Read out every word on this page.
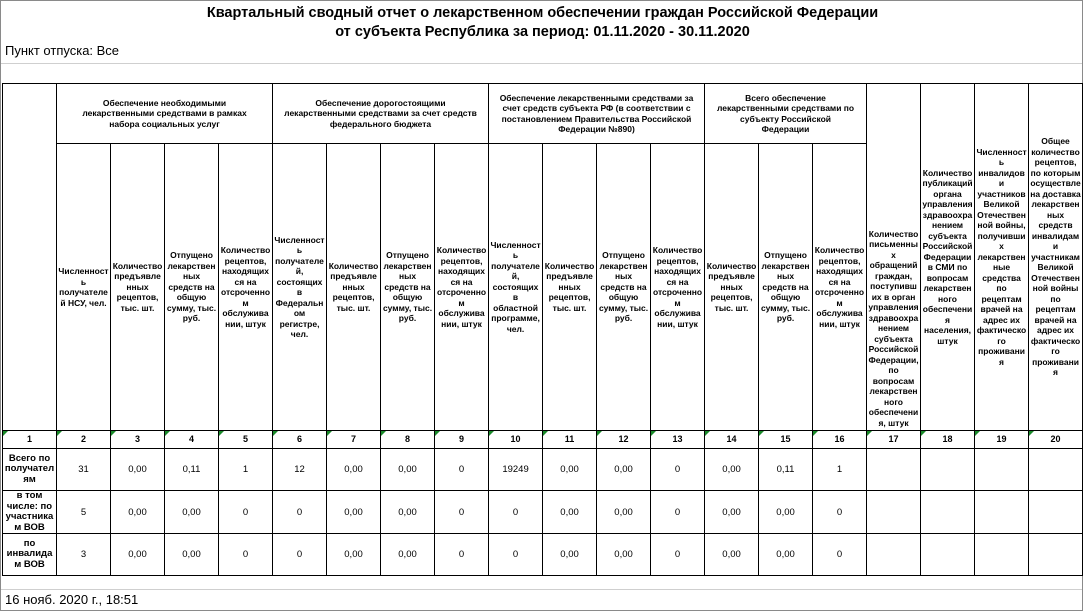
Квартальный сводный отчет о лекарственном обеспечении граждан Российской Федерации
от субъекта Республика за период: 01.11.2020 - 30.11.2020
Пункт отпуска: Все
	Обеспечение необходимыми лекарственными средствами в рамках набора социальных услуг				Обеспечение дорогостоящими лекарственными средствами за счет средств федерального бюджета				Обеспечение лекарственными средствами за счет средств субъекта РФ (в соответствии с постановлением Правительства Российской Федерации №890)				Всего обеспечение лекарственными средствами по субъекту Российской Федерации			Количество письменных обращений граждан, поступивших в орган управления здравоохранением субъекта Российской Федерации, по вопросам лекарственного обеспечения, штук	Количество публикаций органа управления здравоохранением субъекта Российской Федерации в СМИ по вопросам лекарственного обеспечения населения, штук	Численность инвалидов и участников Великой Отечественной войны, получивших лекарственные средства по рецептам врачей на адрес их фактического проживания	Общее количество рецептов, по которым осуществлена доставка лекарственных средств инвалидам и участникам Великой Отечественной войны по рецептам врачей на адрес их фактического проживания
	Численность получателей НСУ, чел.	Количество предъявленных рецептов, тыс. шт.	Отпущено лекарственных средств на общую сумму, тыс. руб.	Количество рецептов, находящихся на отсроченном обслуживании, штук	Численность получателей, состоящих в Федеральном регистре, чел.	Количество предъявленных рецептов, тыс. шт.	Отпущено лекарственных средств на общую сумму, тыс. руб.	Количество рецептов, находящихся на отсроченном обслуживании, штук	Численность получателей, состоящих в областной программе, чел.	Количество предъявленных рецептов, тыс. шт.	Отпущено лекарственных средств на общую сумму, тыс. руб.	Количество рецептов, находящихся на отсроченном обслуживании, штук	Количество предъявленных рецептов, тыс. шт.	Отпущено лекарственных средств на общую сумму, тыс. руб.	Количество рецептов, находящихся на отсроченном обслуживании, штук				
1	2	3	4	5	6	7	8	9	10	11	12	13	14	15	16	17	18	19	20
Всего по получателям	31	0,00	0,11	1	12	0,00	0,00	0	19249	0,00	0,00	0	0,00	0,11	1				
в том числе: по участникам ВОВ	5	0,00	0,00	0	0	0,00	0,00	0	0	0,00	0,00	0	0,00	0,00	0				
по инвалидам ВОВ	3	0,00	0,00	0	0	0,00	0,00	0	0	0,00	0,00	0	0,00	0,00	0				
16 нояб. 2020 г., 18:51
